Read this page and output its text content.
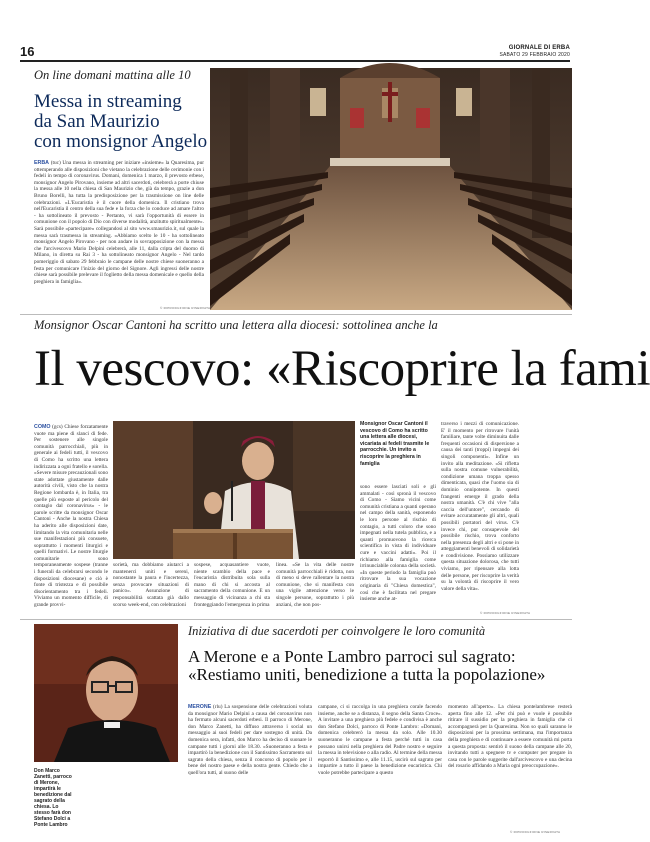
16	GIORNALE DI ERBA
SABATO 29 FEBBRAIO 2020
On line domani mattina alle 10
Messa in streaming
da San Maurizio
con monsignor Angelo
ERBA (tuc) Una messa in streaming per iniziare «insieme» la Quaresima, pur ottemperando alle disposizioni che vietano la celebrazione delle cerimonie con i fedeli in tempo di coronavirus. Domani, domenica 1 marzo, il prevosto erbese, monsignor Angelo Pirovano, insieme ad altri sacerdoti, celebrerà a porte chiuse la messa alle 10 nella chiesa di San Maurizio che, già da tempo, grazie a don Bruno Borelli, ha tutta la predisposizione per la trasmissione on line delle celebrazioni. «L'Eucaristia è il cuore della domenica. Il cristiano trova nell'Eucaristia il centro della sua fede e la forza che lo conduce ad amare l'altro - ha sottolineato il prevosto - Pertanto, vi sarà l'opportunità di essere in comunione con il popolo di Dio con diverse modalità, anzitutto spiritualmente». Sarà possibile «partecipare» collegandosi al sito www.smaurizio.it, sul quale la messa sarà trasmessa in streaming. «Abbiamo scelto le 10 - ha sottolineato monsignor Angelo Pirovano - per non andare in sovrapposizione con la messa che l'arcivescovo Mario Delpini celebrerà, alle 11, dalla cripta del duomo di Milano, in diretta su Rai 3 - ha sottolineato monsignor Angelo - Nel tardo pomeriggio di sabato 29 febbraio le campane delle nostre chiese suoneranno a festa per comunicare l'inizio del giorno del Signore. Agli ingressi delle nostre chiese sarà possibile prelevare il foglietto della messa domenicale e quello della preghiera in famiglia».
© RIPRODUZIONE RISERVATA
Monsignor Oscar Cantoni ha scritto una lettera alla diocesi: sottolinea anche la
Il vescovo: «Riscoprire la fami
COMO (gcs) Chiese forzatamente vuote ma piene di slanci di fede. Per sostenere alle singole comunità parrocchiali, più in generale ai fedeli tutti, il vescovo di Como ha scritto una lettera indirizzata a ogni fratello e sorella. «Severe misure precauzionali sono state adottate giustamente dalle autorità civili, visto che la nostra Regione lombarda è, in Italia, tra quelle più esposte al pericolo del contagio dal coronavirus» - le parole scritte da monsignor Oscar Cantoni - Anche la nostra Chiesa ha aderito alle disposizioni date, limitando la vita comunitaria nelle sue manifestazioni più consuete, soprattutto i momenti liturgici e quelli formativi. Le nostre liturgie comunitarie sono temporaneamente sospese (tranne i funerali da celebrarsi secondo le disposizioni diocesane) e ciò è fonte di tristezza e di possibile disorientamento tra i fedeli. Viviamo un momento difficile, di grande provvi-
sorietà, ma dobbiamo aiutarci a mantenerci uniti e sereni, nonostante la paura e l'incertezza, senza provocare situazioni di panico». Assunzione di responsabilità scattata già dallo scorso week-end, con celebrazioni
sospese, acquasantiere vuote, niente scambio della pace e l'eucaristia distribuita sola sulla mano di chi si accosta al sacramento della comunione. E un messaggio di vicinanza a chi sta fronteggiando l'emergenza in prima
linea. «Se la vita delle nostre comunità parrocchiali è ridotta, non di meno si deve rallentare la nostra comunione, che si manifesta con una vigile attenzione verso le singole persone, soprattutto i più anziani, che non pos-
Monsignor Oscar Cantoni il vescovo di Como ha scritto una lettera alle diocesi, vicariata ai fedeli trasmite le parrocchie. Un invito a riscoprire la preghiera in famiglia
sono essere lasciati soli e gli ammalati - così spronà il vescovo di Como - Siamo vicini come comunità cristiana a quanti operano nel campo della sanità, esponendo le loro persone al rischio di contagio, a tutti coloro che sono impegnati nella tutela pubblica, e a quanti promuovono la ricerca scientifica in vista di individuare cure e vaccini adatti». Poi il richiamo alla famiglia come irrinunciabile colonna della società. «In queste periodo la famiglia può ritrovare la sua vocazione originaria di "Chiesa domestica", così che è facilitata nel pregare insieme anche at-
traverso i mezzi di comunicazione. E' il momento per ritrovare l'unità familiare, tante volte diminuita dalle frequenti occasioni di dispersione a causa dei tanti (troppi) impegni dei singoli componenti». Infine un invito alla meditazione. «Si rifletta sulla nostra comune vulnerabilità, condizione umana troppa spesso dimenticata, quasi che l'uomo sia di dominio onnipotente. In questi frangenti emerge il grado della nostra umanità. C'è chi vive "alla caccia dell'untore", cercando di evitare accuratamente gli altri, quali possibili portatori del virus. C'è invece chi, pur consapevole del possibile rischio, trova conforto nella presenza degli altri e si pone in atteggiamenti benevoli di solidarietà e condivisione. Possiamo utilizzare questa situazione dolorosa, che tutti viviamo, per ripensare alla lotta delle persone, per riscoprire la verità su la volontà di riscoprire il vero valore della vita».
© RIPRODUZIONE RISERVATA
Don Marco Zanetti, parroco di Merone, impartirà le benedizione dal sagrato della chiesa. Lo stesso farà don Stefano Dolci a Ponte Lambro
Iniziativa di due sacerdoti per coinvolgere le loro comunità
A Merone e a Ponte Lambro parroci sul sagrato:
«Restiamo uniti, benedizione a tutta la popolazione»
MERONE (rlu) La sospensione delle celebrazioni voluta da monsignor Mario Delpini a causa del coronavirus non ha fermato alcuni sacerdoti erbesi. Il parroco di Merone, don Marco Zanetti, ha diffuso attraverso i social un messaggio ai suoi fedeli per dare sostegno di unità. Da domenica sera, infatti, don Marco ha deciso di suonare le campane tutti i giorni alle 18.30. «Suoneranno a festa e impartirò la benedizione con il Santissimo Sacramento sul sagrato della chiesa, senza il concorso di popolo per il bene del nostro paese e della nostra gente. Chiedo che a quell'ora tutti, al suono delle
campane, ci si raccolga in una preghiera corale facendo insieme, anche se a distanza, il segno della Santa Croce». A invitare a una preghiera più fedele e condivisa è anche don Stefano Dolci, parroco di Ponte Lambro: «Domani, domenica celebrerò la messa da solo. Alle 10.30 suoneranno le campane a festa perché tutti in casa possano unirsi nella preghiera del Padre nostro e seguire la messa in televisione o alla radio. Al termine della messa esporrò il Santissimo e, alle 11.15, uscirò sul sagrato per impartire a tutto il paese la benedizione eucaristica. Chi vuole potrebbe partecipare a questo
momento all'aperto». La chiesa pontelambrese resterà aperta fino alle 12. «Per chi può e vuole è possibile ritirare il sussidio per la preghiera in famiglia che ci accompagnerà per la Quaresima. Non so quali saranno le disposizioni per la prossima settimana, ma l'importanza della preghiera e di continuare a essere comunità mi porta a questa proposta: sentirò il suono della campane alle 20, invitando tutti a spegnere tv e computer per pregare in casa con le parole suggerite dall'arcivescovo e una decina del rosario affidando a Maria ogni preoccupazione».
© RIPRODUZIONE RISERVATA
